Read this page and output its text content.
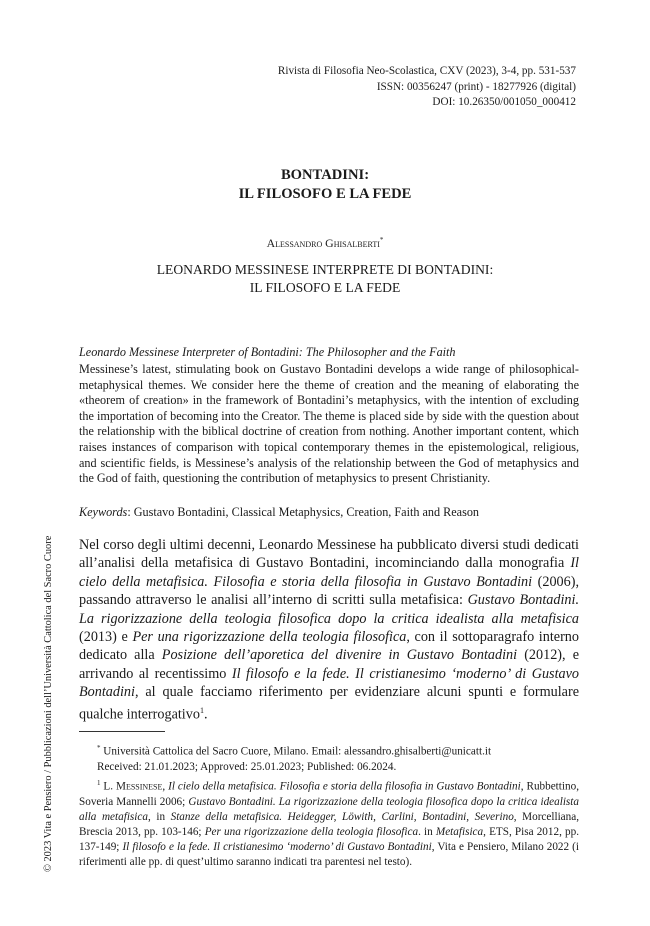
Rivista di Filosofia Neo-Scolastica, CXV (2023), 3-4, pp. 531-537
ISSN: 00356247 (print) - 18277926 (digital)
DOI: 10.26350/001050_000412
BONTADINI:
IL FILOSOFO E LA FEDE
Alessandro Ghisalberti*
LEONARDO MESSINESE INTERPRETE DI BONTADINI:
IL FILOSOFO E LA FEDE
Leonardo Messinese Interpreter of Bontadini: The Philosopher and the Faith
Messinese’s latest, stimulating book on Gustavo Bontadini develops a wide range of philosophical-metaphysical themes. We consider here the theme of creation and the meaning of elaborating the «theorem of creation» in the framework of Bontadini’s metaphysics, with the intention of excluding the importation of becoming into the Creator. The theme is placed side by side with the question about the relationship with the biblical doctrine of creation from nothing. Another important content, which raises instances of comparison with topical contemporary themes in the epistemological, religious, and scientific fields, is Messinese’s analysis of the relationship between the God of metaphysics and the God of faith, questioning the contribution of metaphysics to present Christianity.
Keywords: Gustavo Bontadini, Classical Metaphysics, Creation, Faith and Reason
Nel corso degli ultimi decenni, Leonardo Messinese ha pubblicato diversi studi dedicati all’analisi della metafisica di Gustavo Bontadini, incominciando dalla monografia Il cielo della metafisica. Filosofia e storia della filosofia in Gustavo Bontadini (2006), passando attraverso le analisi all’interno di scritti sulla metafisica: Gustavo Bontadini. La rigorizzazione della teologia filosofica dopo la critica idealista alla metafisica (2013) e Per una rigorizzazione della teologia filosofica, con il sottoparagrafo interno dedicato alla Posizione dell’aporetica del divenire in Gustavo Bontadini (2012), e arrivando al recentissimo Il filosofo e la fede. Il cristianesimo ‘moderno’ di Gustavo Bontadini, al quale facciamo riferimento per evidenziare alcuni spunti e formulare qualche interrogativo$^1$.
* Università Cattolica del Sacro Cuore, Milano. Email: alessandro.ghisalberti@unicatt.it
Received: 21.01.2023; Approved: 25.01.2023; Published: 06.2024.
$^1$ L. Messinese, Il cielo della metafisica. Filosofia e storia della filosofia in Gustavo Bontadini, Rubbettino, Soveria Mannelli 2006; Gustavo Bontadini. La rigorizzazione della teologia filosofica dopo la critica idealista alla metafisica, in Stanze della metafisica. Heidegger, Löwith, Carlini, Bontadini, Severino, Morcelliana, Brescia 2013, pp. 103-146; Per una rigorizzazione della teologia filosofica. in Metafisica, ETS, Pisa 2012, pp. 137-149; Il filosofo e la fede. Il cristianesimo ‘moderno’ di Gustavo Bontadini, Vita e Pensiero, Milano 2022 (i riferimenti alle pp. di quest’ultimo saranno indicati tra parentesi nel testo).
© 2023 Vita e Pensiero / Pubblicazioni dell’Università Cattolica del Sacro Cuore
